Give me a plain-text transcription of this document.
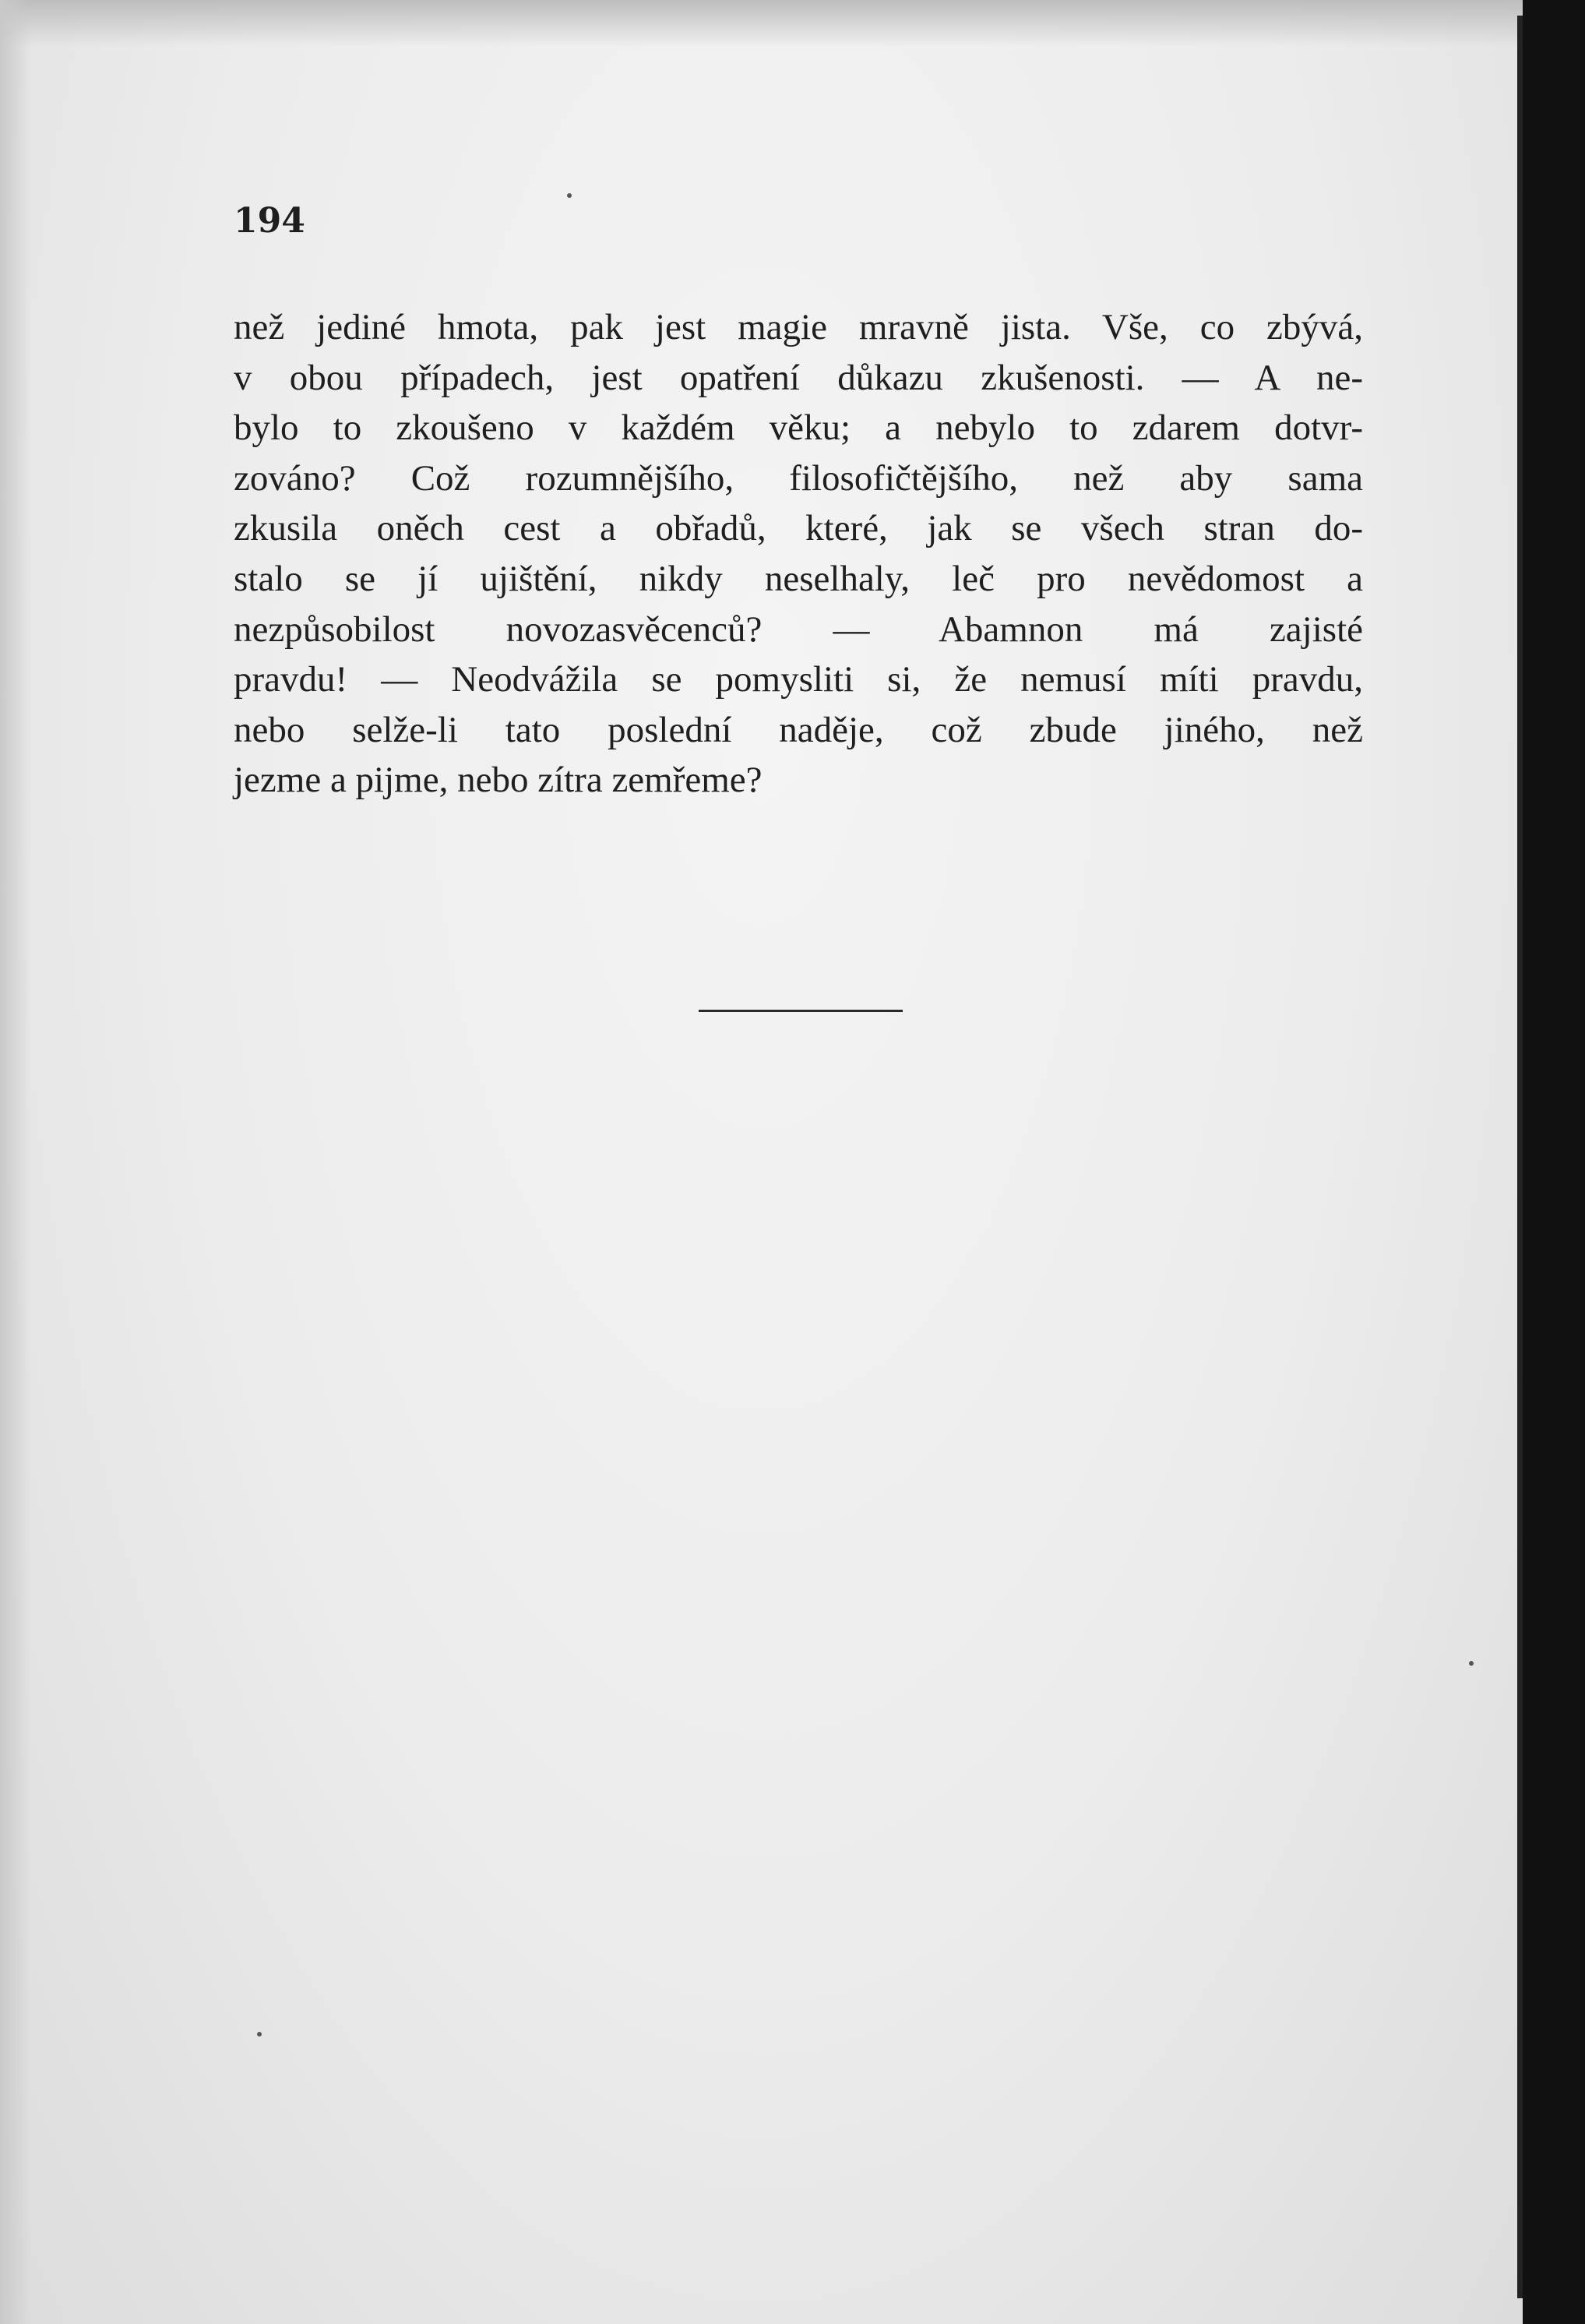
194
než jediné hmota, pak jest magie mravně jista. Vše, co zbývá,
v obou případech, jest opatření důkazu zkušenosti. — A ne-
bylo to zkoušeno v každém věku; a nebylo to zdarem dotvr-
zováno? Což rozumnějšího, filosofičtějšího, než aby sama
zkusila oněch cest a obřadů, které, jak se všech stran do-
stalo se jí ujištění, nikdy neselhaly, leč pro nevědomost a
nezpůsobilost novozasvěcenců? — Abamnon má zajisté
pravdu! — Neodvážila se pomysliti si, že nemusí míti pravdu,
nebo selže-li tato poslední naděje, což zbude jiného, než
jezme a pijme, nebo zítra zemřeme?
